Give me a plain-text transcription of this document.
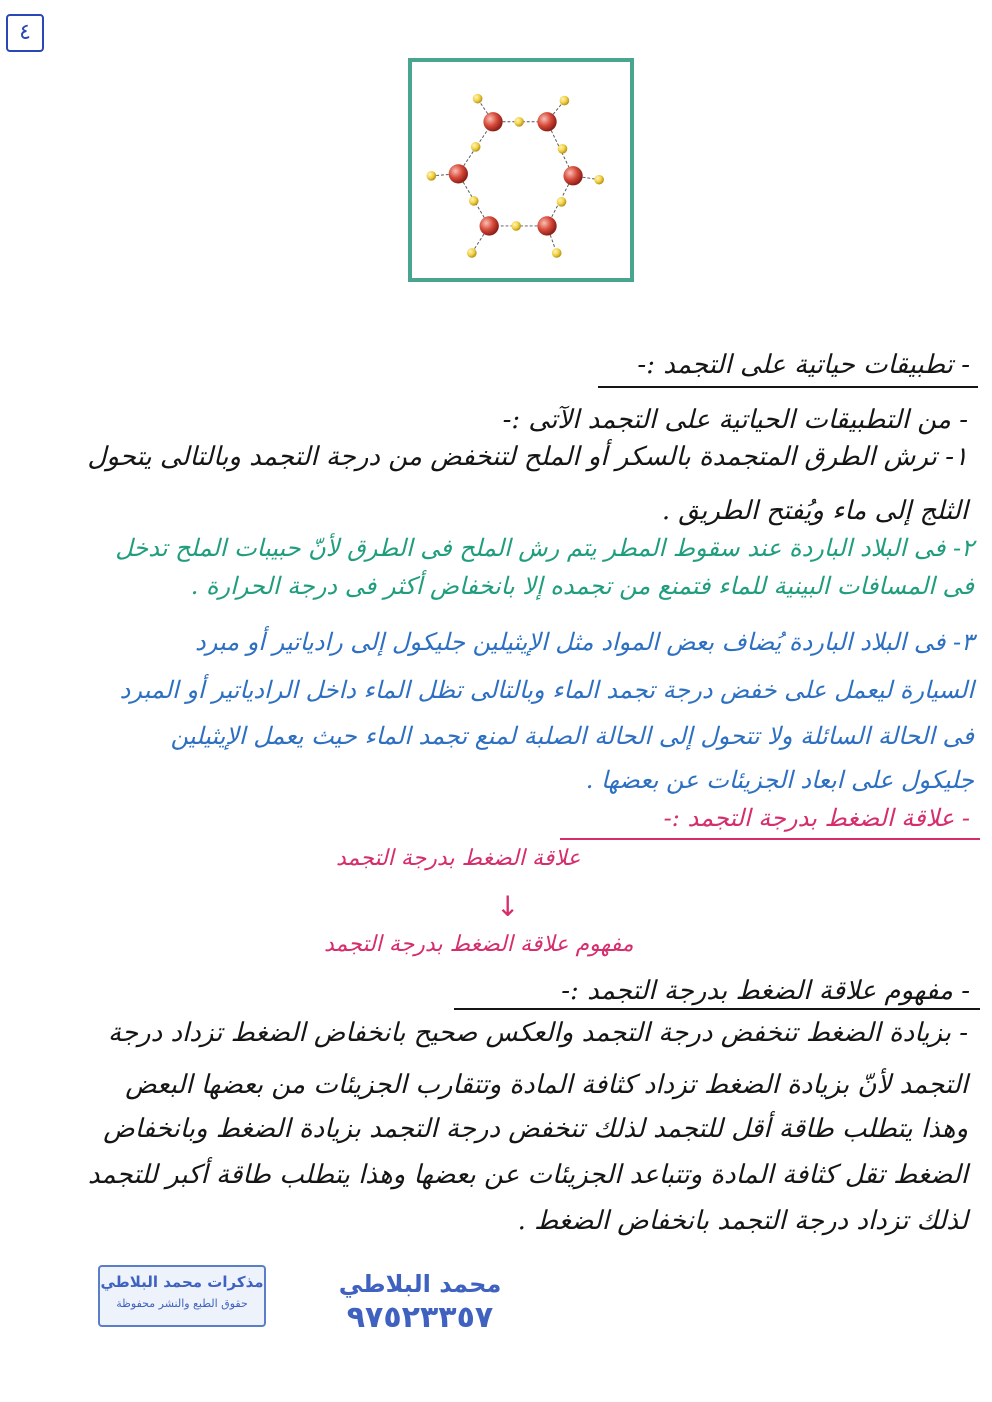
٤
- تطبيقات حياتية على التجمد :-
- من التطبيقات الحياتية على التجمد الآتى :-
١- ترش الطرق المتجمدة بالسكر أو الملح لتنخفض من درجة التجمد وبالتالى يتحول
الثلج إلى ماء ويُفتح الطريق .
٢- فى البلاد الباردة عند سقوط المطر يتم رش الملح فى الطرق لأنّ حبيبات الملح تدخل
فى المسافات البينية للماء فتمنع من تجمده إلا بانخفاض أكثر فى درجة الحرارة .
٣- فى البلاد الباردة يُضاف بعض المواد مثل الإيثيلين جليكول إلى رادياتير أو مبرد
السيارة ليعمل على خفض درجة تجمد الماء وبالتالى تظل الماء داخل الرادياتير أو المبرد
فى الحالة السائلة ولا تتحول إلى الحالة الصلبة لمنع تجمد الماء حيث يعمل الإيثيلين
جليكول على ابعاد الجزيئات عن بعضها .
- علاقة الضغط بدرجة التجمد :-
علاقة الضغط بدرجة التجمد
↓
مفهوم علاقة الضغط بدرجة التجمد
- مفهوم علاقة الضغط بدرجة التجمد :-
- بزيادة الضغط تنخفض درجة التجمد والعكس صحيح بانخفاض الضغط تزداد درجة
التجمد لأنّ بزيادة الضغط تزداد كثافة المادة وتتقارب الجزيئات من بعضها البعض
وهذا يتطلب طاقة أقل للتجمد لذلك تنخفض درجة التجمد بزيادة الضغط وبانخفاض
الضغط تقل كثافة المادة وتتباعد الجزيئات عن بعضها وهذا يتطلب طاقة أكبر للتجمد
لذلك تزداد درجة التجمد بانخفاض الضغط .
مذكرات محمد البلاطي
حقوق الطبع والنشر محفوظة
محمد البلاطي
٩٧٥٢٣٣٥٧
